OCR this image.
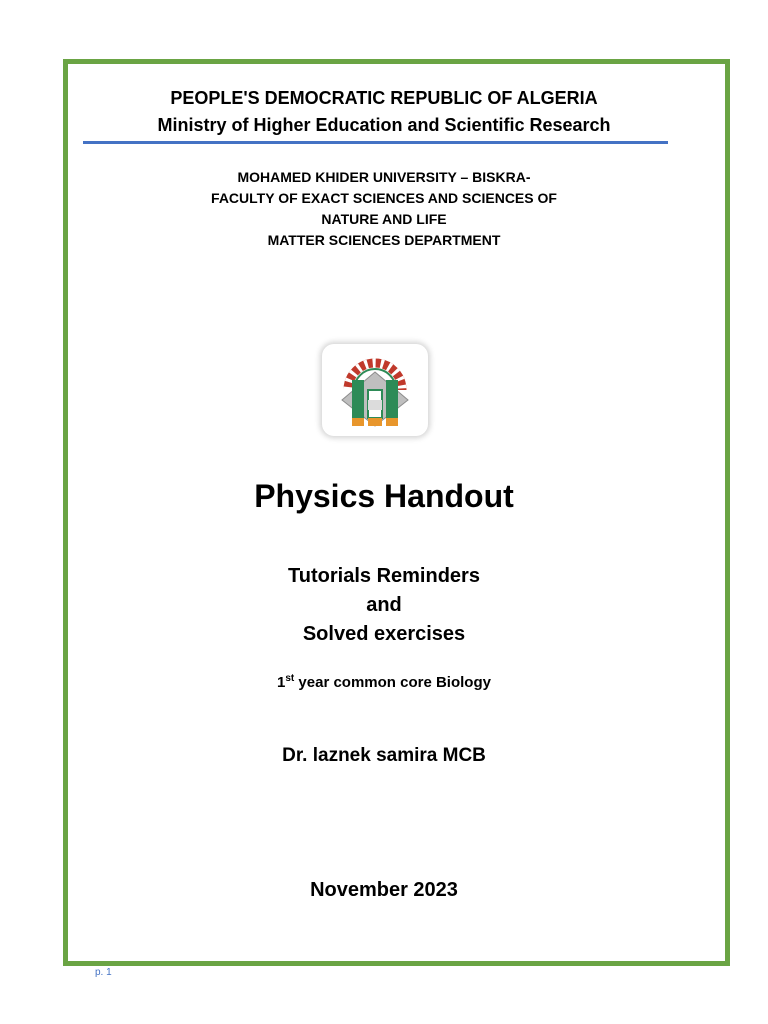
PEOPLE'S DEMOCRATIC REPUBLIC OF ALGERIA
Ministry of Higher Education and Scientific Research
MOHAMED KHIDER UNIVERSITY – BISKRA-
FACULTY OF EXACT SCIENCES AND SCIENCES OF
NATURE AND LIFE
MATTER SCIENCES DEPARTMENT
Physics Handout
Tutorials Reminders
and
Solved exercises
1st year common core Biology
Dr. laznek samira MCB
November 2023
p. 1
